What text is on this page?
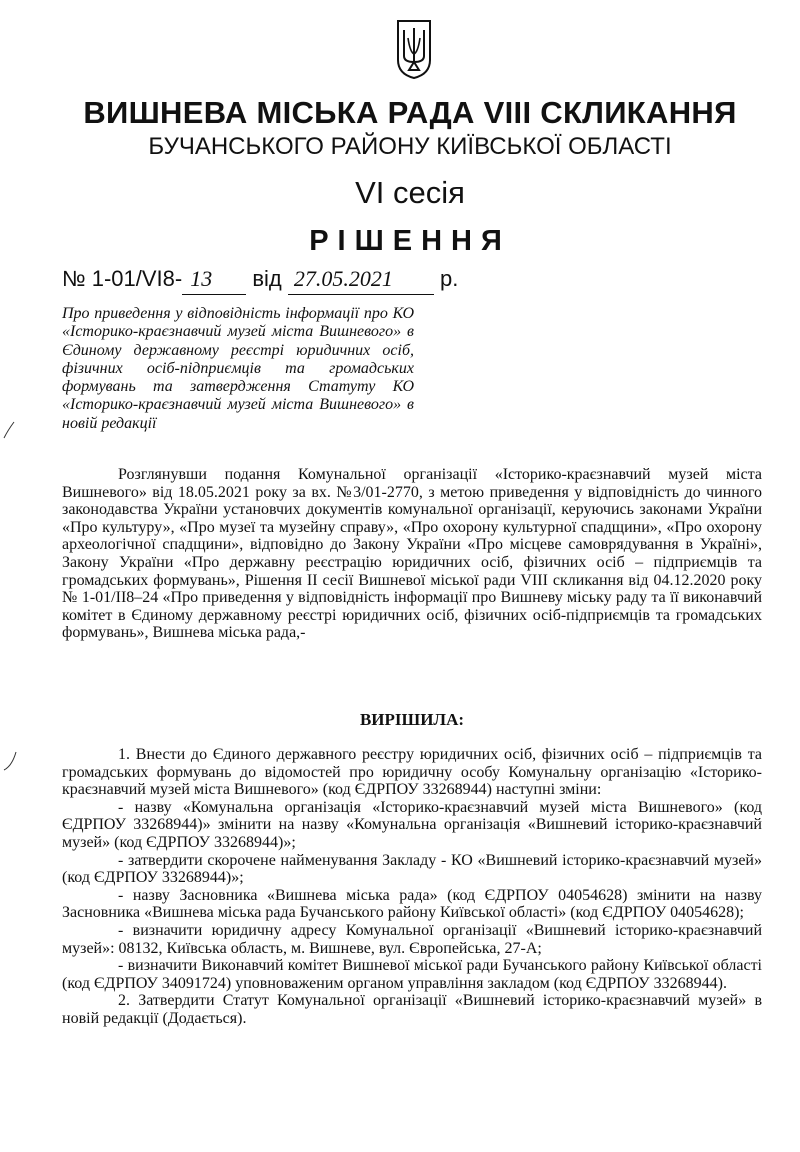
ВИШНЕВА МІСЬКА РАДА VIII СКЛИКАННЯ
БУЧАНСЬКОГО РАЙОНУ КИЇВСЬКОЇ ОБЛАСТІ
VI сесія
РІШЕННЯ
№ 1-01/VI8- 13 від 27.05.2021 р.
Про приведення у відповідність інформації про КО «Історико-краєзнавчий музей міста Вишневого» в Єдиному державному реєстрі юридичних осіб, фізичних осіб-підприємців та громадських формувань та затвердження Статуту КО «Історико-краєзнавчий музей міста Вишневого» в новій редакції

Розглянувши подання Комунальної організації «Історико-краєзнавчий музей міста Вишневого» від 18.05.2021 року за вх. №3/01-2770, з метою приведення у відповідність до чинного законодавства України установчих документів комунальної організації, керуючись законами України «Про культуру», «Про музеї та музейну справу», «Про охорону культурної спадщини», «Про охорону археологічної спадщини», відповідно до Закону України «Про місцеве самоврядування в Україні», Закону України «Про державну реєстрацію юридичних осіб, фізичних осіб – підприємців та громадських формувань», Рішення II сесії Вишневої міської ради VIII скликання від 04.12.2020 року № 1-01/II8–24 «Про приведення у відповідність інформації про Вишневу міську раду та її виконавчий комітет в Єдиному державному реєстрі юридичних осіб, фізичних осіб-підприємців та громадських формувань», Вишнева міська рада,-

ВИРІШИЛА:

1. Внести до Єдиного державного реєстру юридичних осіб, фізичних осіб – підприємців та громадських формувань до відомостей про юридичну особу Комунальну організацію «Історико-краєзнавчий музей міста Вишневого» (код ЄДРПОУ 33268944) наступні зміни:

- назву «Комунальна організація «Історико-краєзнавчий музей міста Вишневого» (код ЄДРПОУ 33268944)» змінити на назву «Комунальна організація «Вишневий історико-краєзнавчий музей» (код ЄДРПОУ 33268944)»;

- затвердити скорочене найменування Закладу - КО «Вишневий історико-краєзнавчий музей» (код ЄДРПОУ 33268944)»;

- назву Засновника «Вишнева міська рада» (код ЄДРПОУ 04054628) змінити на назву Засновника «Вишнева міська рада Бучанського району Київської області» (код ЄДРПОУ 04054628);

- визначити юридичну адресу Комунальної організації «Вишневий історико-краєзнавчий музей»: 08132, Київська область, м. Вишневе, вул. Європейська, 27-А;

- визначити Виконавчий комітет Вишневої міської ради Бучанського району Київської області (код ЄДРПОУ 34091724) уповноваженим органом управління закладом (код ЄДРПОУ 33268944).

2. Затвердити Статут Комунальної організації «Вишневий історико-краєзнавчий музей» в новій редакції (Додається).
